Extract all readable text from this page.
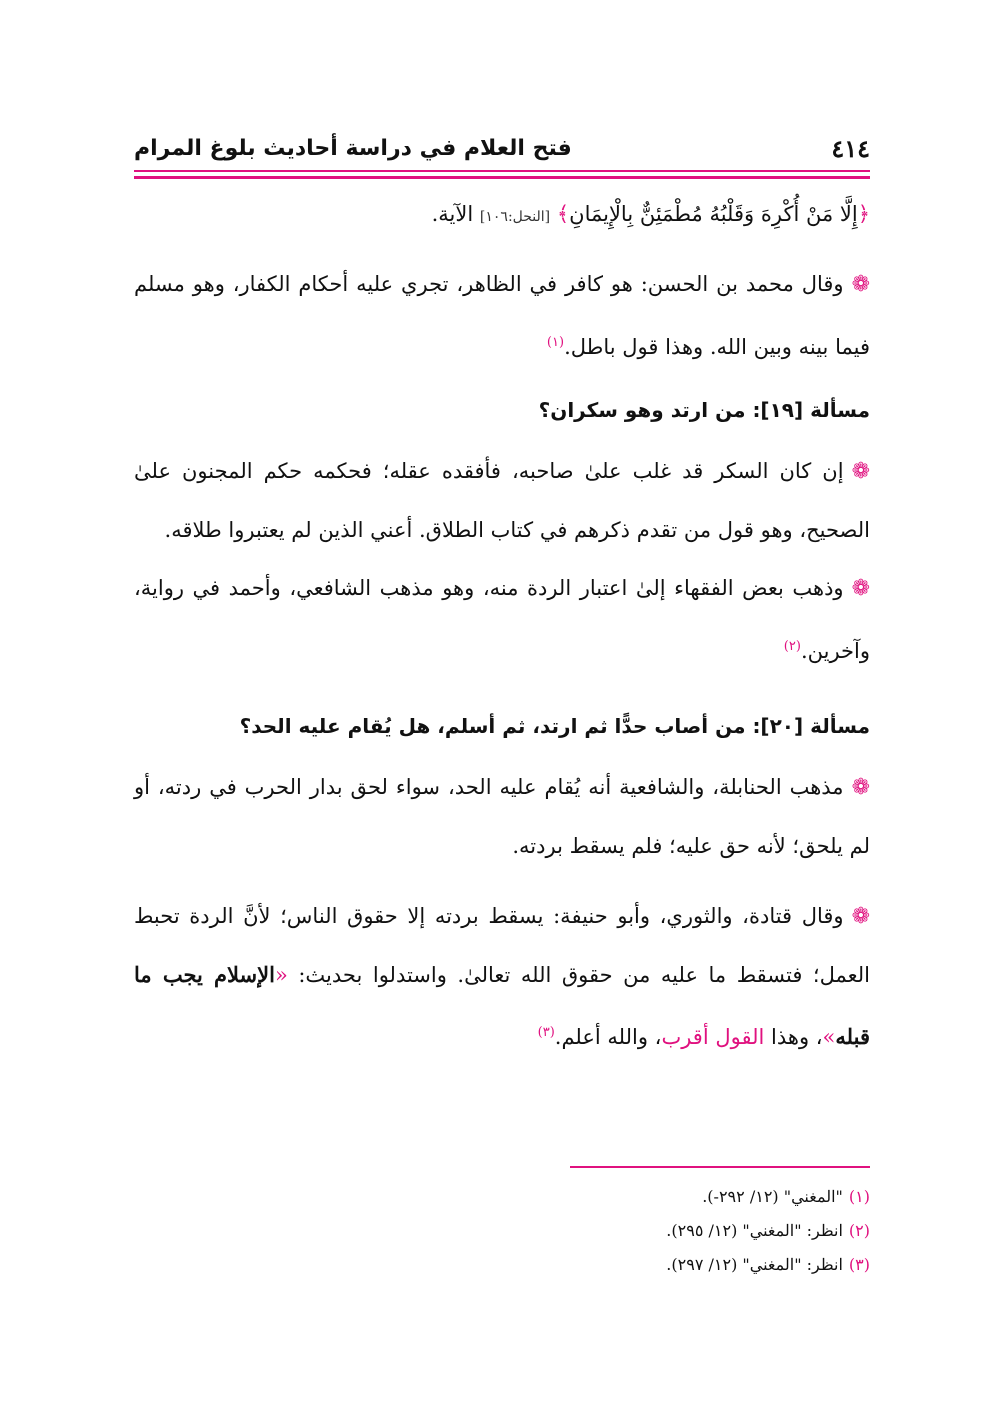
٤١٤
فتح العلام في دراسة أحاديث بلوغ المرام
﴿إِلَّا مَنْ أُكْرِهَ وَقَلْبُهُ مُطْمَئِنٌّ بِالْإِيمَانِ﴾ [النحل:١٠٦] الآية.

❁وقال محمد بن الحسن: هو كافر في الظاهر، تجري عليه أحكام الكفار، وهو مسلم فيما بينه وبين الله. وهذا قول باطل.$^{(١)}$

مسألة [١٩]: من ارتد وهو سكران؟

❁إن كان السكر قد غلب علىٰ صاحبه، فأفقده عقله؛ فحكمه حكم المجنون علىٰ الصحيح، وهو قول من تقدم ذكرهم في كتاب الطلاق. أعني الذين لم يعتبروا طلاقه.

❁وذهب بعض الفقهاء إلىٰ اعتبار الردة منه، وهو مذهب الشافعي، وأحمد في رواية، وآخرين.$^{(٢)}$

مسألة [٢٠]: من أصاب حدًّا ثم ارتد، ثم أسلم، هل يُقام عليه الحد؟

❁مذهب الحنابلة، والشافعية أنه يُقام عليه الحد، سواء لحق بدار الحرب في ردته، أو لم يلحق؛ لأنه حق عليه؛ فلم يسقط بردته.

❁وقال قتادة، والثوري، وأبو حنيفة: يسقط بردته إلا حقوق الناس؛ لأنَّ الردة تحبط العمل؛ فتسقط ما عليه من حقوق الله تعالىٰ. واستدلوا بحديث: «الإسلام يجب ما قبله»، وهذا القول أقرب، والله أعلم.$^{(٣)}$

(١)"المغني" (١٢/ ٢٩٢-).
(٢)انظر: "المغني" (١٢/ ٢٩٥).
(٣)انظر: "المغني" (١٢/ ٢٩٧).
